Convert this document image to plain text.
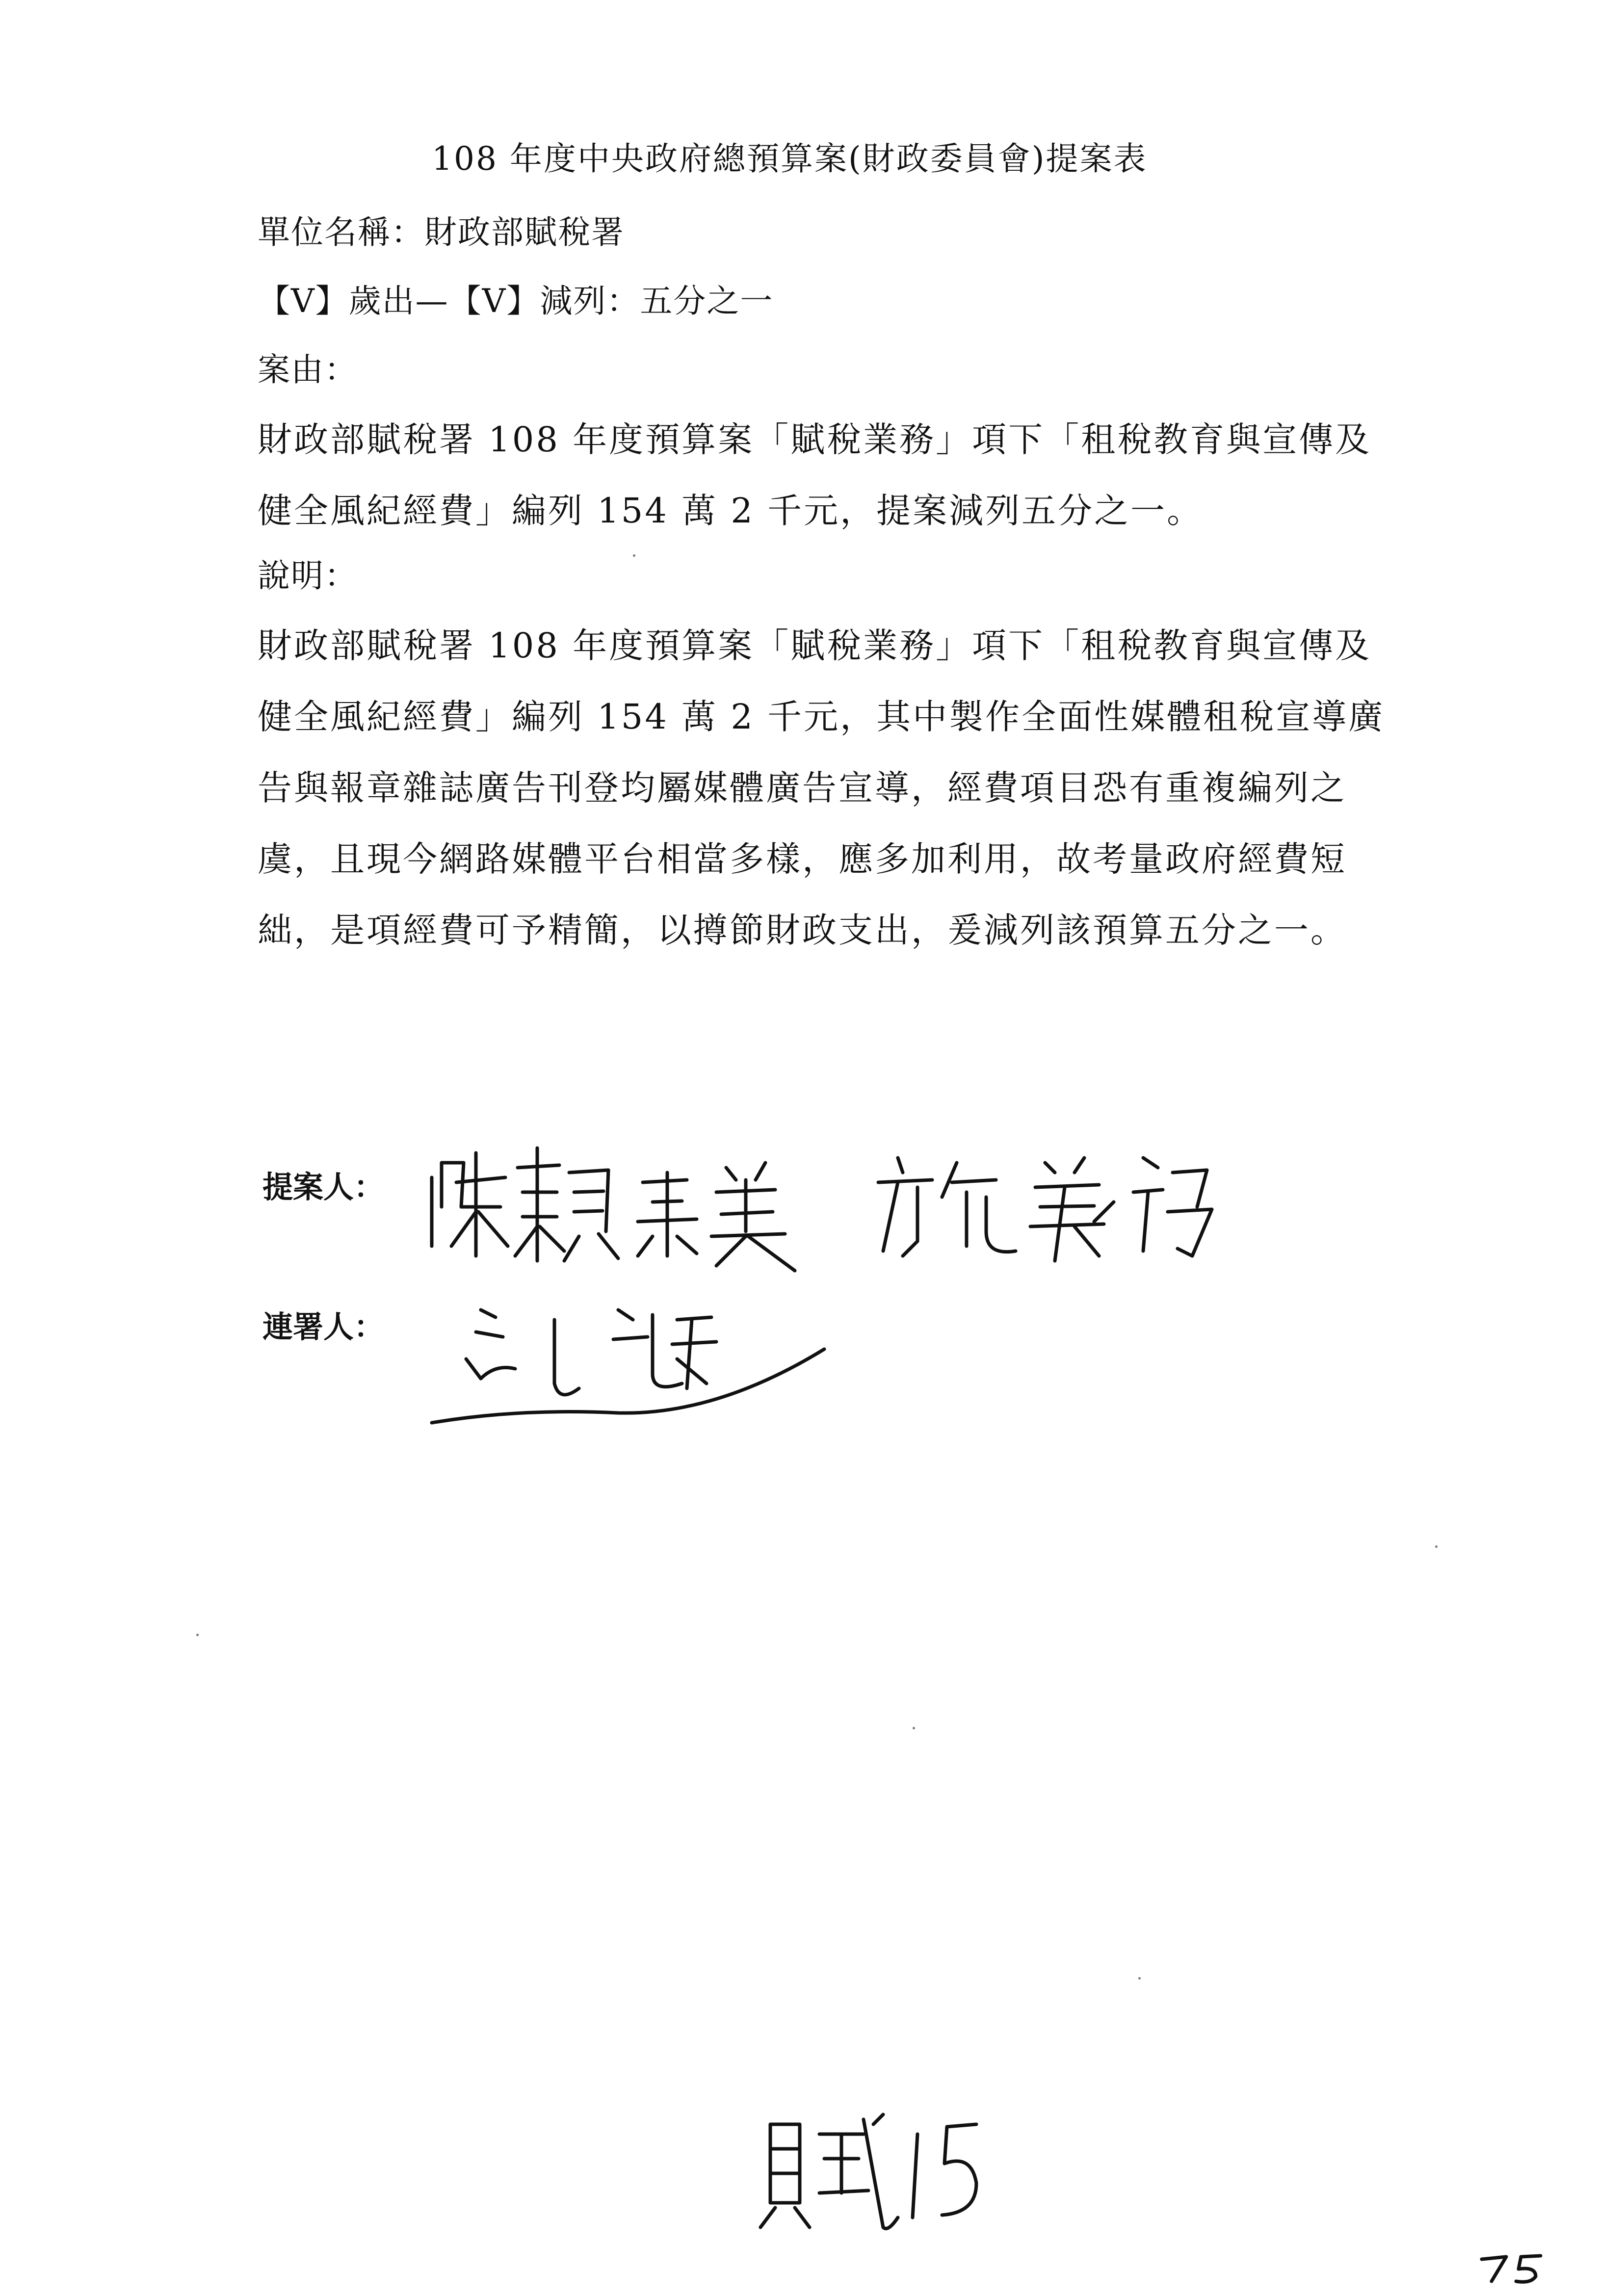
108 年度中央政府總預算案(財政委員會)提案表
單位名稱：財政部賦稅署
【V】歲出—【V】減列：五分之一
案由：
財政部賦稅署 108 年度預算案「賦稅業務」項下「租稅教育與宣傳及
健全風紀經費」編列 154 萬 2 千元，提案減列五分之一。
說明：
財政部賦稅署 108 年度預算案「賦稅業務」項下「租稅教育與宣傳及
健全風紀經費」編列 154 萬 2 千元，其中製作全面性媒體租稅宣導廣
告與報章雜誌廣告刊登均屬媒體廣告宣導，經費項目恐有重複編列之
虞，且現今網路媒體平台相當多樣，應多加利用，故考量政府經費短
絀，是項經費可予精簡，以撙節財政支出，爰減列該預算五分之一。
提案人：
連署人：
